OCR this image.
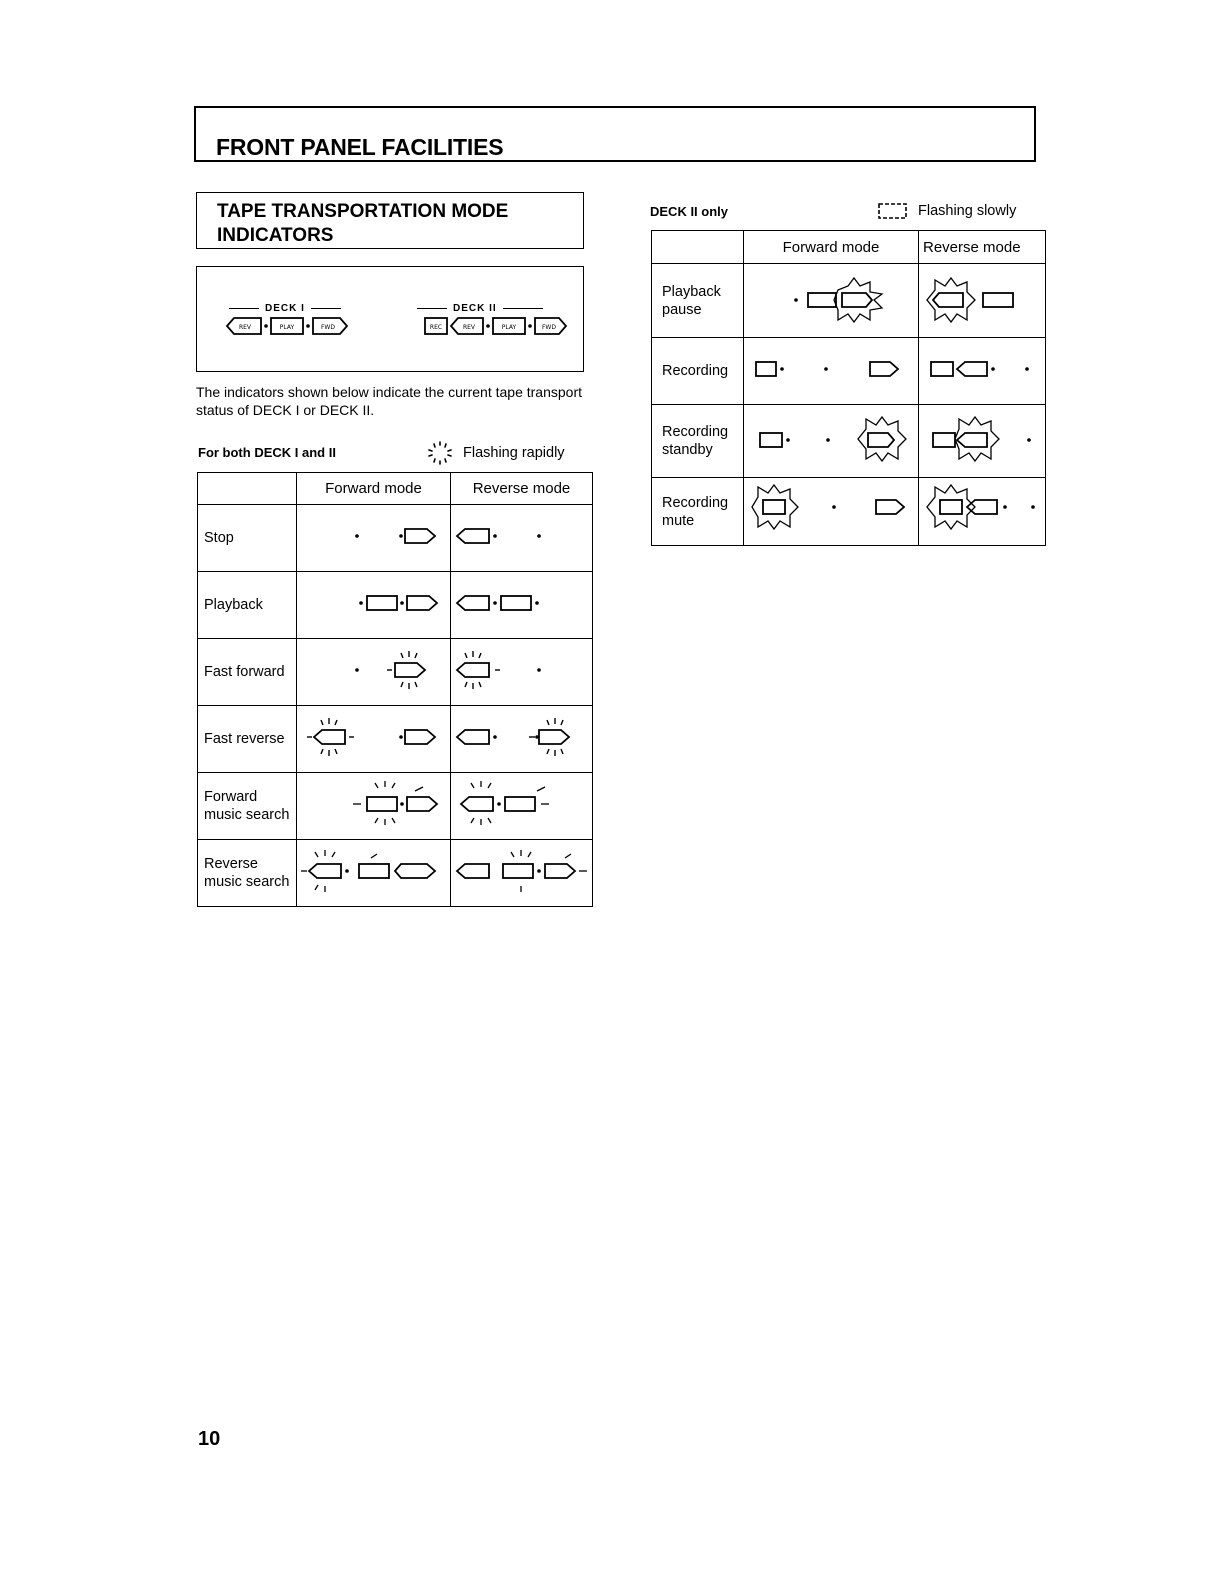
FRONT PANEL FACILITIES
TAPE TRANSPORTATION MODE INDICATORS
DECK I	DECK II
REV	PLAY	FWD	REC	REV	PLAY	FWD
The indicators shown below indicate the current tape transport status of DECK I or DECK II.
For both DECK I and II	Flashing rapidly
	Forward mode	Reverse mode
Stop		
Playback		
Fast forward		
Fast reverse		
Forward music search		
Reverse music search		
DECK II only	Flashing slowly
	Forward mode	Reverse mode
Playback pause		
Recording		
Recording standby		
Recording mute		
10
